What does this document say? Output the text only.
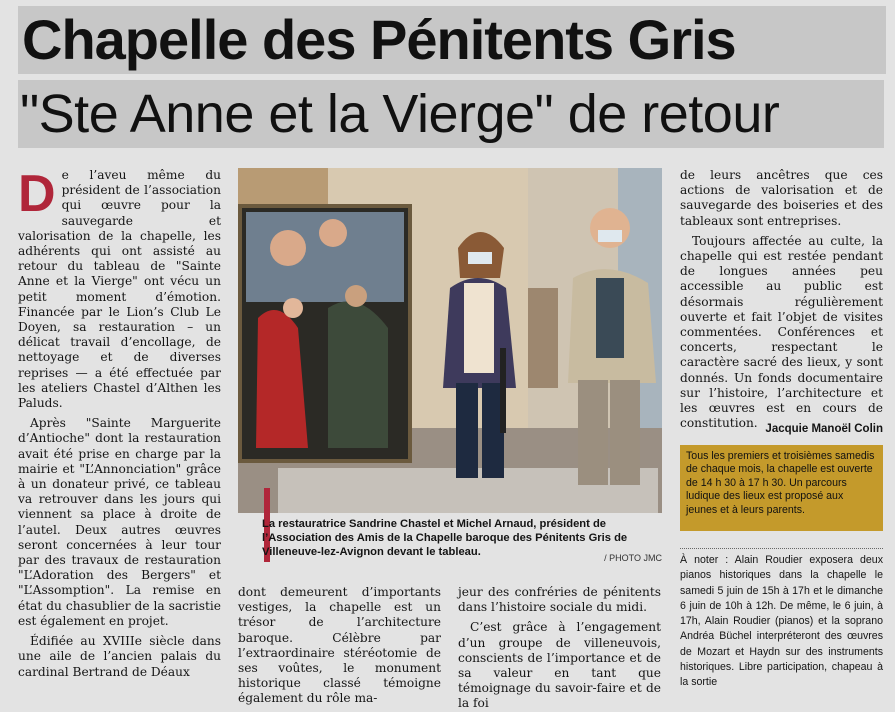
Chapelle des Pénitents Gris
"Ste Anne et la Vierge" de retour

De l’aveu même du président de l’association qui œuvre pour la sauvegarde et valorisation de la chapelle, les adhérents qui ont assisté au retour du tableau de "Sainte Anne et la Vierge" ont vécu un petit moment d’émotion. Financée par le Lion’s Club Le Doyen, sa restauration – un délicat travail d’encollage, de nettoyage et de diverses reprises — a été effectuée par les ateliers Chastel d’Althen les Paluds.

Après "Sainte Marguerite d’Antioche" dont la restauration avait été prise en charge par la mairie et "L’Annonciation" grâce à un donateur privé, ce tableau va retrouver dans les jours qui viennent sa place à droite de l’autel. Deux autres œuvres seront concernées à leur tour par des travaux de restauration "L’Adoration des Bergers" et "L’Assomption". La remise en état du chasublier de la sacristie est également en projet.

Édifiée au XVIIIe siècle dans une aile de l’ancien palais du cardinal Bertrand de Déaux

La restauratrice Sandrine Chastel et Michel Arnaud, président de l’Association des Amis de la Chapelle baroque des Pénitents Gris de Villeneuve-lez-Avignon devant le tableau.	/ PHOTO JMC

dont demeurent d’importants vestiges, la chapelle est un trésor de l’architecture baroque. Célèbre par l’extraordinaire stéréotomie de ses voûtes, le monument historique classé témoigne également du rôle ma-

jeur des confréries de pénitents dans l’histoire sociale du midi.

C’est grâce à l’engagement d’un groupe de villeneuvois, conscients de l’importance et de sa valeur en tant que témoignage du savoir-faire et de la foi

de leurs ancêtres que ces actions de valorisation et de sauvegarde des boiseries et des tableaux sont entreprises.

Toujours affectée au culte, la chapelle qui est restée pendant de longues années peu accessible au public est désormais régulièrement ouverte et fait l’objet de visites commentées. Conférences et concerts, respectant le caractère sacré des lieux, y sont donnés. Un fonds documentaire sur l’histoire, l’architecture et les œuvres est en cours de constitution. Jacquie Manoël Colin
Tous les premiers et troisièmes samedis de chaque mois, la chapelle est ouverte de 14 h 30 à 17 h 30. Un parcours ludique des lieux est proposé aux jeunes et à leurs parents.
À noter : Alain Roudier exposera deux pianos historiques dans la chapelle le samedi 5 juin de 15h à 17h et le dimanche 6 juin de 10h à 12h. De même, le 6 juin, à 17h, Alain Roudier (pianos) et la soprano Andréa Büchel interpréteront des œuvres de Mozart et Haydn sur des instruments historiques. Libre participation, chapeau à la sortie
